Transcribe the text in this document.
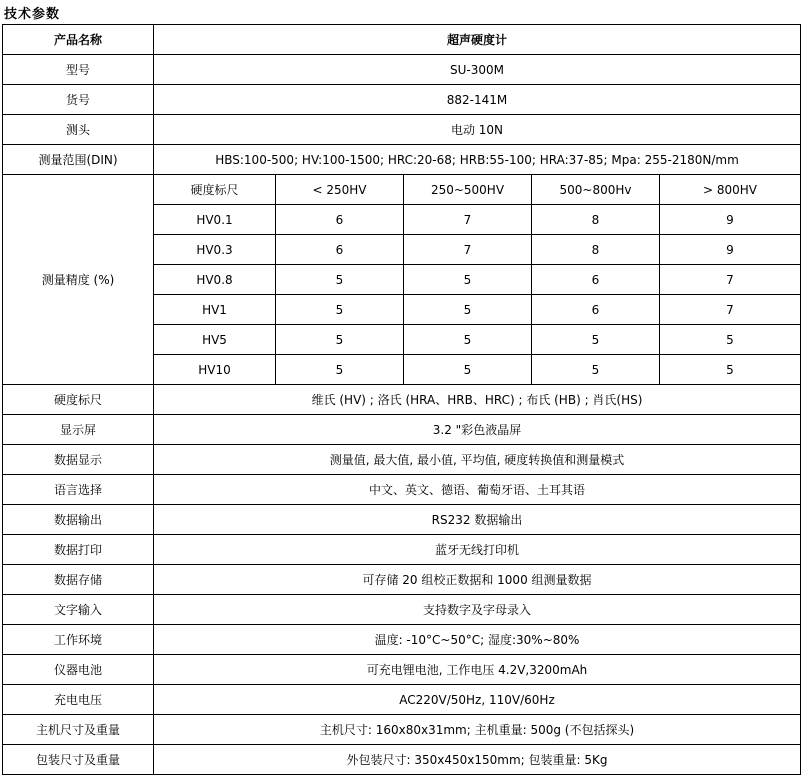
技术参数
产品名称	超声硬度计				
型号	SU-300M				
货号	882-141M				
测头	电动 10N				
测量范围(DIN)	HBS:100-500; HV:100-1500; HRC:20-68; HRB:55-100; HRA:37-85; Mpa: 255-2180N/mm				
测量精度 (%)	硬度标尺	< 250HV	250~500HV	500~800Hv	> 800HV
	HV0.1	6	7	8	9
	HV0.3	6	7	8	9
	HV0.8	5	5	6	7
	HV1	5	5	6	7
	HV5	5	5	5	5
	HV10	5	5	5	5
硬度标尺	维氏 (HV) ; 洛氏 (HRA、HRB、HRC) ; 布氏 (HB) ; 肖氏(HS)				
显示屏	3.2 "彩色液晶屏				
数据显示	测量值, 最大值, 最小值, 平均值, 硬度转换值和测量模式				
语言选择	中文、英文、德语、葡萄牙语、土耳其语				
数据输出	RS232 数据输出				
数据打印	蓝牙无线打印机				
数据存储	可存储 20 组校正数据和 1000 组测量数据				
文字输入	支持数字及字母录入				
工作环境	温度: -10°C~50°C; 湿度:30%~80%				
仪器电池	可充电锂电池, 工作电压 4.2V,3200mAh				
充电电压	AC220V/50Hz, 110V/60Hz				
主机尺寸及重量	主机尺寸: 160x80x31mm; 主机重量: 500g (不包括探头)				
包装尺寸及重量	外包装尺寸: 350x450x150mm; 包装重量: 5Kg				
